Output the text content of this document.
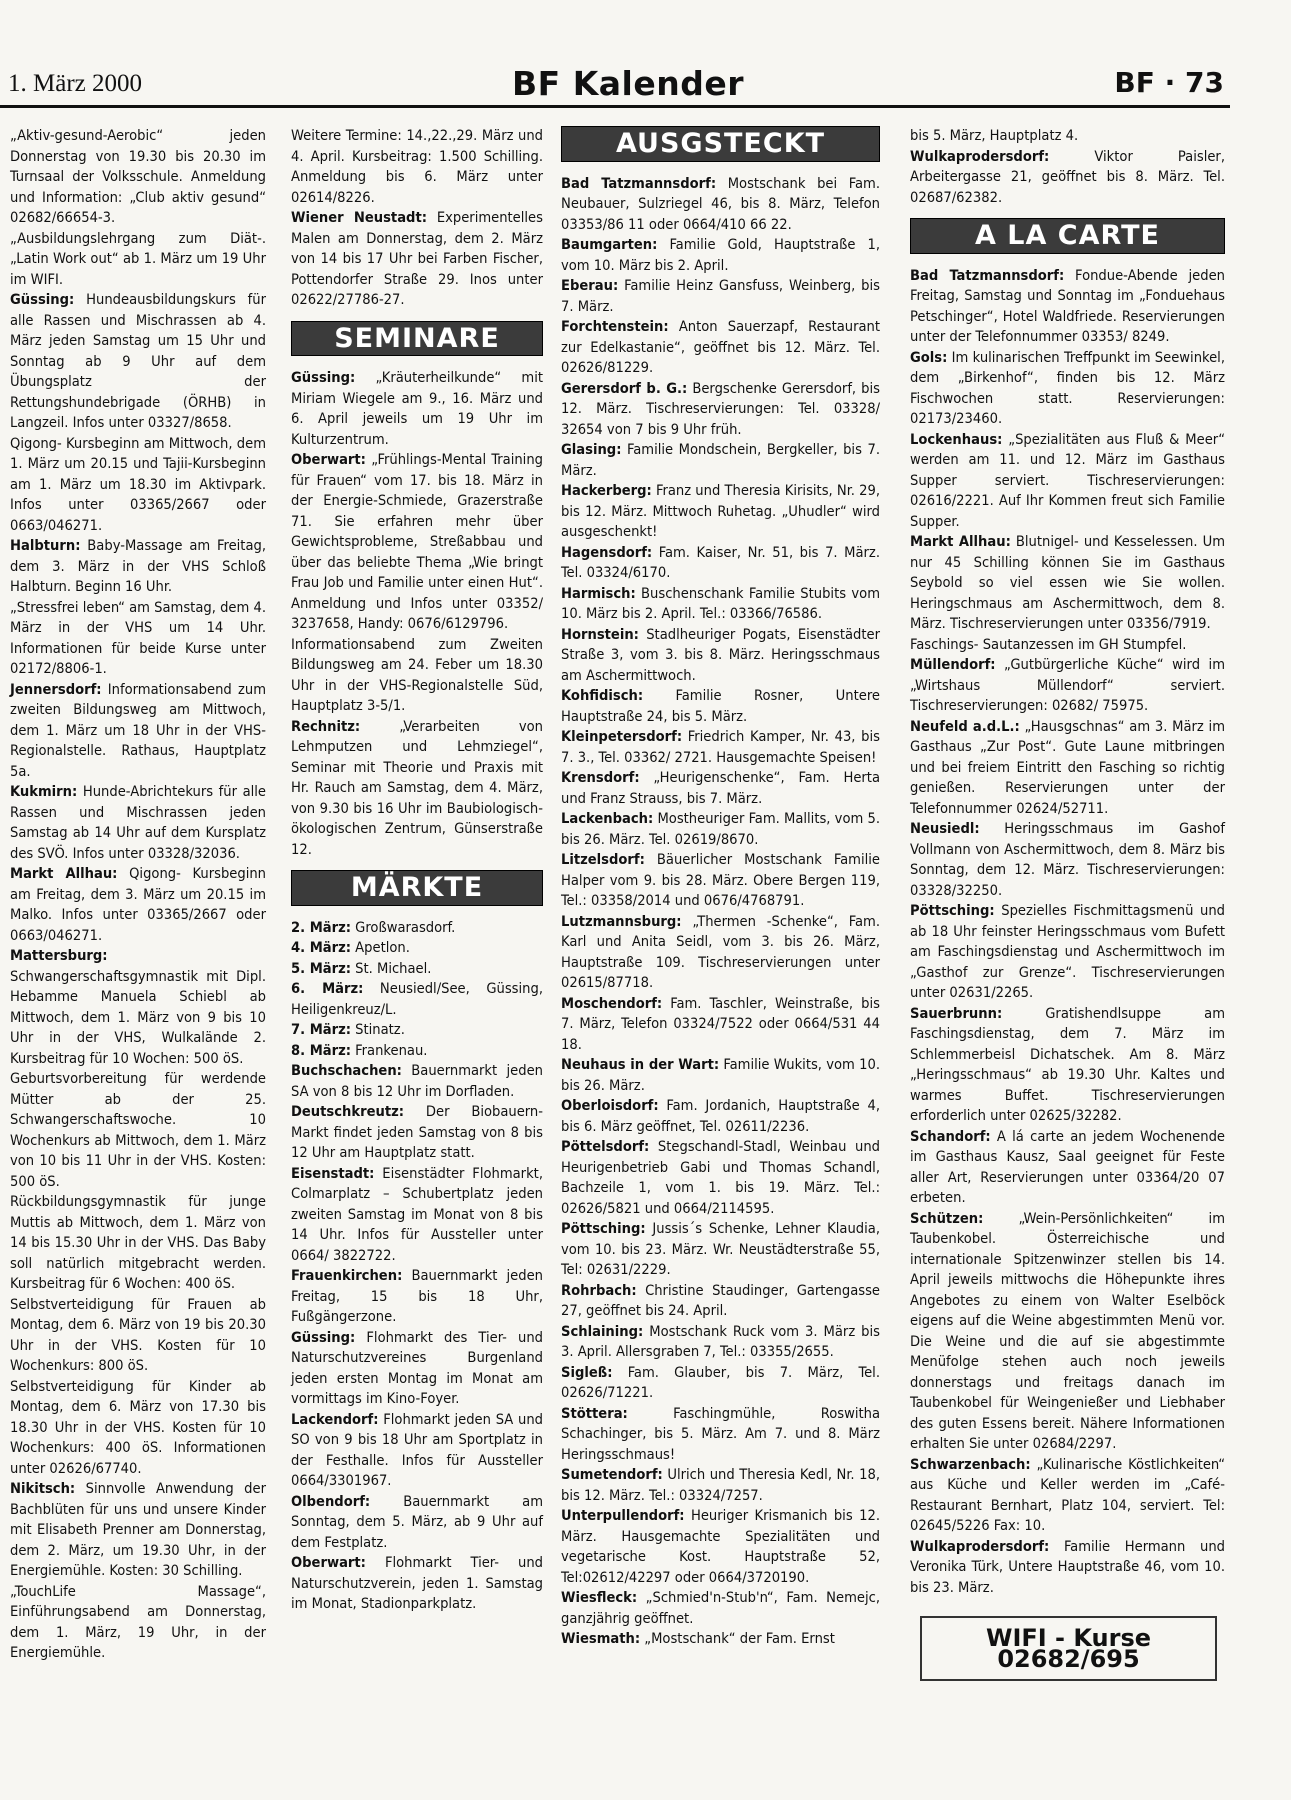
1. März 2000	BF Kalender	BF · 73

„Aktiv-gesund-Aerobic“ jeden Donnerstag von 19.30 bis 20.30 im Turnsaal der Volksschule. Anmeldung und Information: „Club aktiv gesund“ 02682/66654-3.

„Ausbildungslehrgang zum Diät-. „Latin Work out“ ab 1. März um 19 Uhr im WIFI.

Güssing: Hundeausbildungskurs für alle Rassen und Mischrassen ab 4. März jeden Samstag um 15 Uhr und Sonntag ab 9 Uhr auf dem Übungsplatz der Rettungshundebrigade (ÖRHB) in Langzeil. Infos unter 03327/8658.

Qigong- Kursbeginn am Mittwoch, dem 1. März um 20.15 und Tajii-Kursbeginn am 1. März um 18.30 im Aktivpark. Infos unter 03365/2667 oder 0663/046271.

Halbturn: Baby-Massage am Freitag, dem 3. März in der VHS Schloß Halbturn. Beginn 16 Uhr.

„Stressfrei leben“ am Samstag, dem 4. März in der VHS um 14 Uhr. Informationen für beide Kurse unter 02172/8806-1.

Jennersdorf: Informationsabend zum zweiten Bildungsweg am Mittwoch, dem 1. März um 18 Uhr in der VHS-Regionalstelle. Rathaus, Hauptplatz 5a.

Kukmirn: Hunde-Abrichtekurs für alle Rassen und Mischrassen jeden Samstag ab 14 Uhr auf dem Kursplatz des SVÖ. Infos unter 03328/32036.

Markt Allhau: Qigong- Kursbeginn am Freitag, dem 3. März um 20.15 im Malko. Infos unter 03365/2667 oder 0663/046271.

Mattersburg: Schwangerschaftsgymnastik mit Dipl. Hebamme Manuela Schiebl ab Mittwoch, dem 1. März von 9 bis 10 Uhr in der VHS, Wulkalände 2. Kursbeitrag für 10 Wochen: 500 öS.

Geburtsvorbereitung für werdende Mütter ab der 25. Schwangerschaftswoche. 10 Wochenkurs ab Mittwoch, dem 1. März von 10 bis 11 Uhr in der VHS. Kosten: 500 öS.

Rückbildungsgymnastik für junge Muttis ab Mittwoch, dem 1. März von 14 bis 15.30 Uhr in der VHS. Das Baby soll natürlich mitgebracht werden. Kursbeitrag für 6 Wochen: 400 öS.

Selbstverteidigung für Frauen ab Montag, dem 6. März von 19 bis 20.30 Uhr in der VHS. Kosten für 10 Wochenkurs: 800 öS.

Selbstverteidigung für Kinder ab Montag, dem 6. März von 17.30 bis 18.30 Uhr in der VHS. Kosten für 10 Wochenkurs: 400 öS. Informationen unter 02626/67740.

Nikitsch: Sinnvolle Anwendung der Bachblüten für uns und unsere Kinder mit Elisabeth Prenner am Donnerstag, dem 2. März, um 19.30 Uhr, in der Energiemühle. Kosten: 30 Schilling.

„TouchLife Massage“, Einführungsabend am Donnerstag, dem 1. März, 19 Uhr, in der Energiemühle.

Weitere Termine: 14.,22.,29. März und 4. April. Kursbeitrag: 1.500 Schilling. Anmeldung bis 6. März unter 02614/8226.

Wiener Neustadt: Experimentelles Malen am Donnerstag, dem 2. März von 14 bis 17 Uhr bei Farben Fischer, Pottendorfer Straße 29. Inos unter 02622/27786-27.

SEMINARE

Güssing: „Kräuterheilkunde“ mit Miriam Wiegele am 9., 16. März und 6. April jeweils um 19 Uhr im Kulturzentrum.

Oberwart: „Frühlings-Mental Training für Frauen“ vom 17. bis 18. März in der Energie-Schmiede, Grazerstraße 71. Sie erfahren mehr über Gewichtsprobleme, Streßabbau und über das beliebte Thema „Wie bringt Frau Job und Familie unter einen Hut“. Anmeldung und Infos unter 03352/ 3237658, Handy: 0676/6129796.

Informationsabend zum Zweiten Bildungsweg am 24. Feber um 18.30 Uhr in der VHS-Regionalstelle Süd, Hauptplatz 3-5/1.

Rechnitz: „Verarbeiten von Lehmputzen und Lehmziegel“, Seminar mit Theorie und Praxis mit Hr. Rauch am Samstag, dem 4. März, von 9.30 bis 16 Uhr im Baubiologisch-ökologischen Zentrum, Günserstraße 12.

MÄRKTE

2. März: Großwarasdorf.

4. März: Apetlon.

5. März: St. Michael.

6. März: Neusiedl/See, Güssing, Heiligenkreuz/L.

7. März: Stinatz.

8. März: Frankenau.

Buchschachen: Bauernmarkt jeden SA von 8 bis 12 Uhr im Dorfladen.

Deutschkreutz: Der Biobauern-Markt findet jeden Samstag von 8 bis 12 Uhr am Hauptplatz statt.

Eisenstadt: Eisenstädter Flohmarkt, Colmarplatz – Schubertplatz jeden zweiten Samstag im Monat von 8 bis 14 Uhr. Infos für Aussteller unter 0664/ 3822722.

Frauenkirchen: Bauernmarkt jeden Freitag, 15 bis 18 Uhr, Fußgängerzone.

Güssing: Flohmarkt des Tier- und Naturschutzvereines Burgenland jeden ersten Montag im Monat am vormittags im Kino-Foyer.

Lackendorf: Flohmarkt jeden SA und SO von 9 bis 18 Uhr am Sportplatz in der Festhalle. Infos für Aussteller 0664/3301967.

Olbendorf: Bauernmarkt am Sonntag, dem 5. März, ab 9 Uhr auf dem Festplatz.

Oberwart: Flohmarkt Tier- und Naturschutzverein, jeden 1. Samstag im Monat, Stadionparkplatz.

AUSGSTECKT

Bad Tatzmannsdorf: Mostschank bei Fam. Neubauer, Sulzriegel 46, bis 8. März, Telefon 03353/86 11 oder 0664/410 66 22.

Baumgarten: Familie Gold, Hauptstraße 1, vom 10. März bis 2. April.

Eberau: Familie Heinz Gansfuss, Weinberg, bis 7. März.

Forchtenstein: Anton Sauerzapf, Restaurant zur Edelkastanie“, geöffnet bis 12. März. Tel. 02626/81229.

Gerersdorf b. G.: Bergschenke Gerersdorf, bis 12. März. Tischreservierungen: Tel. 03328/ 32654 von 7 bis 9 Uhr früh.

Glasing: Familie Mondschein, Bergkeller, bis 7. März.

Hackerberg: Franz und Theresia Kirisits, Nr. 29, bis 12. März. Mittwoch Ruhetag. „Uhudler“ wird ausgeschenkt!

Hagensdorf: Fam. Kaiser, Nr. 51, bis 7. März. Tel. 03324/6170.

Harmisch: Buschenschank Familie Stubits vom 10. März bis 2. April. Tel.: 03366/76586.

Hornstein: Stadlheuriger Pogats, Eisenstädter Straße 3, vom 3. bis 8. März. Heringsschmaus am Aschermittwoch.

Kohfidisch: Familie Rosner, Untere Hauptstraße 24, bis 5. März.

Kleinpetersdorf: Friedrich Kamper, Nr. 43, bis 7. 3., Tel. 03362/ 2721. Hausgemachte Speisen!

Krensdorf: „Heurigenschenke“, Fam. Herta und Franz Strauss, bis 7. März.

Lackenbach: Mostheuriger Fam. Mallits, vom 5. bis 26. März. Tel. 02619/8670.

Litzelsdorf: Bäuerlicher Mostschank Familie Halper vom 9. bis 28. März. Obere Bergen 119, Tel.: 03358/2014 und 0676/4768791.

Lutzmannsburg: „Thermen -Schenke“, Fam. Karl und Anita Seidl, vom 3. bis 26. März, Hauptstraße 109. Tischreservierungen unter 02615/87718.

Moschendorf: Fam. Taschler, Weinstraße, bis 7. März, Telefon 03324/7522 oder 0664/531 44 18.

Neuhaus in der Wart: Familie Wukits, vom 10. bis 26. März.

Oberloisdorf: Fam. Jordanich, Hauptstraße 4, bis 6. März geöffnet, Tel. 02611/2236.

Pöttelsdorf: Stegschandl-Stadl, Weinbau und Heurigenbetrieb Gabi und Thomas Schandl, Bachzeile 1, vom 1. bis 19. März. Tel.: 02626/5821 und 0664/2114595.

Pöttsching: Jussis´s Schenke, Lehner Klaudia, vom 10. bis 23. März. Wr. Neustädterstraße 55, Tel: 02631/2229.

Rohrbach: Christine Staudinger, Gartengasse 27, geöffnet bis 24. April.

Schlaining: Mostschank Ruck vom 3. März bis 3. April. Allersgraben 7, Tel.: 03355/2655.

Sigleß: Fam. Glauber, bis 7. März, Tel. 02626/71221.

Stöttera: Faschingmühle, Roswitha Schachinger, bis 5. März. Am 7. und 8. März Heringsschmaus!

Sumetendorf: Ulrich und Theresia Kedl, Nr. 18, bis 12. März. Tel.: 03324/7257.

Unterpullendorf: Heuriger Krismanich bis 12. März. Hausgemachte Spezialitäten und vegetarische Kost. Hauptstraße 52, Tel:02612/42297 oder 0664/3720190.

Wiesfleck: „Schmied'n-Stub'n“, Fam. Nemejc, ganzjährig geöffnet.

Wiesmath: „Mostschank“ der Fam. Ernst

bis 5. März, Hauptplatz 4.

Wulkaprodersdorf: Viktor Paisler, Arbeitergasse 21, geöffnet bis 8. März. Tel. 02687/62382.

A LA CARTE

Bad Tatzmannsdorf: Fondue-Abende jeden Freitag, Samstag und Sonntag im „Fonduehaus Petschinger“, Hotel Waldfriede. Reservierungen unter der Telefonnummer 03353/ 8249.

Gols: Im kulinarischen Treffpunkt im Seewinkel, dem „Birkenhof“, finden bis 12. März Fischwochen statt. Reservierungen: 02173/23460.

Lockenhaus: „Spezialitäten aus Fluß & Meer“ werden am 11. und 12. März im Gasthaus Supper serviert. Tischreservierungen: 02616/2221. Auf Ihr Kommen freut sich Familie Supper.

Markt Allhau: Blutnigel- und Kesselessen. Um nur 45 Schilling können Sie im Gasthaus Seybold so viel essen wie Sie wollen. Heringschmaus am Aschermittwoch, dem 8. März. Tischreservierungen unter 03356/7919.

Faschings- Sautanzessen im GH Stumpfel.

Müllendorf: „Gutbürgerliche Küche“ wird im „Wirtshaus Müllendorf“ serviert. Tischreservierungen: 02682/ 75975.

Neufeld a.d.L.: „Hausgschnas“ am 3. März im Gasthaus „Zur Post“. Gute Laune mitbringen und bei freiem Eintritt den Fasching so richtig genießen. Reservierungen unter der Telefonnummer 02624/52711.

Neusiedl: Heringsschmaus im Gashof Vollmann von Aschermittwoch, dem 8. März bis Sonntag, dem 12. März. Tischreservierungen: 03328/32250.

Pöttsching: Spezielles Fischmittagsmenü und ab 18 Uhr feinster Heringsschmaus vom Bufett am Faschingsdienstag und Aschermittwoch im „Gasthof zur Grenze“. Tischreservierungen unter 02631/2265.

Sauerbrunn: Gratishendlsuppe am Faschingsdienstag, dem 7. März im Schlemmerbeisl Dichatschek. Am 8. März „Heringsschmaus“ ab 19.30 Uhr. Kaltes und warmes Buffet. Tischreservierungen erforderlich unter 02625/32282.

Schandorf: A lá carte an jedem Wochenende im Gasthaus Kausz, Saal geeignet für Feste aller Art, Reservierungen unter 03364/20 07 erbeten.

Schützen: „Wein-Persönlichkeiten“ im Taubenkobel. Österreichische und internationale Spitzenwinzer stellen bis 14. April jeweils mittwochs die Höhepunkte ihres Angebotes zu einem von Walter Eselböck eigens auf die Weine abgestimmten Menü vor. Die Weine und die auf sie abgestimmte Menüfolge stehen auch noch jeweils donnerstags und freitags danach im Taubenkobel für Weingenießer und Liebhaber des guten Essens bereit. Nähere Informationen erhalten Sie unter 02684/2297.

Schwarzenbach: „Kulinarische Köstlichkeiten“ aus Küche und Keller werden im „Café-Restaurant Bernhart, Platz 104, serviert. Tel: 02645/5226 Fax: 10.

Wulkaprodersdorf: Familie Hermann und Veronika Türk, Untere Hauptstraße 46, vom 10. bis 23. März.

WIFI - Kurse 02682/695
